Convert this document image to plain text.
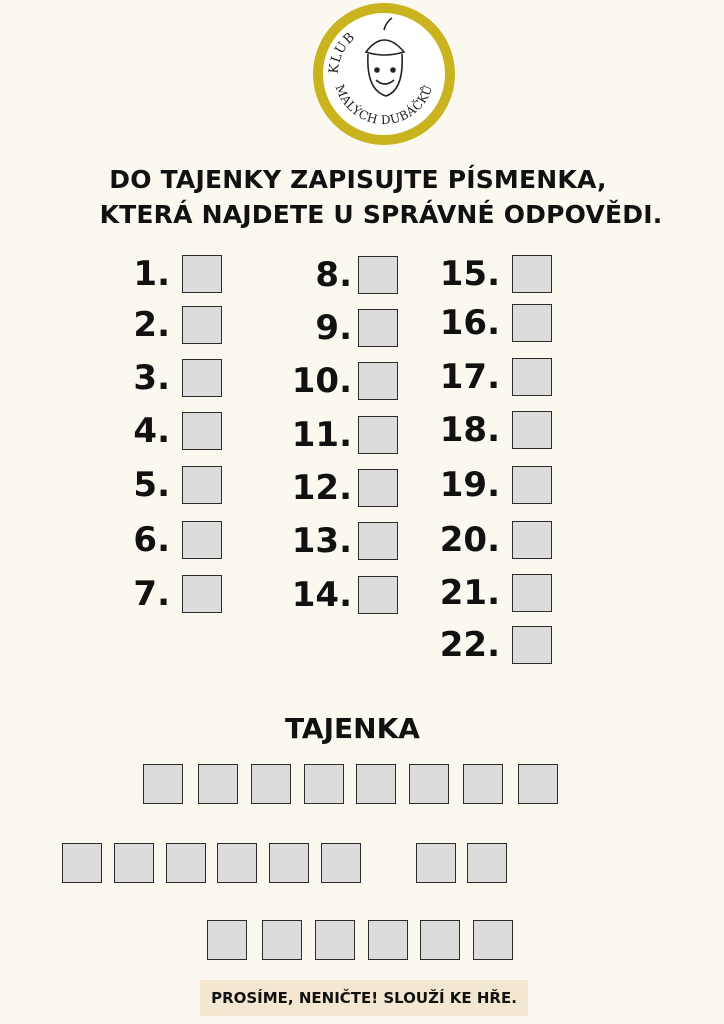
KLUB
MALÝCH DUBÁČKŮ
DO TAJENKY ZAPISUJTE PÍSMENKA,
KTERÁ NAJDETE U SPRÁVNÉ ODPOVĚDI.
1.
2.
3.
4.
5.
6.
7.
8.
9.
10.
11.
12.
13.
14.
15.
16.
17.
18.
19.
20.
21.
22.
TAJENKA
PROSÍME, NENIČTE! SLOUŽÍ KE HŘE.
